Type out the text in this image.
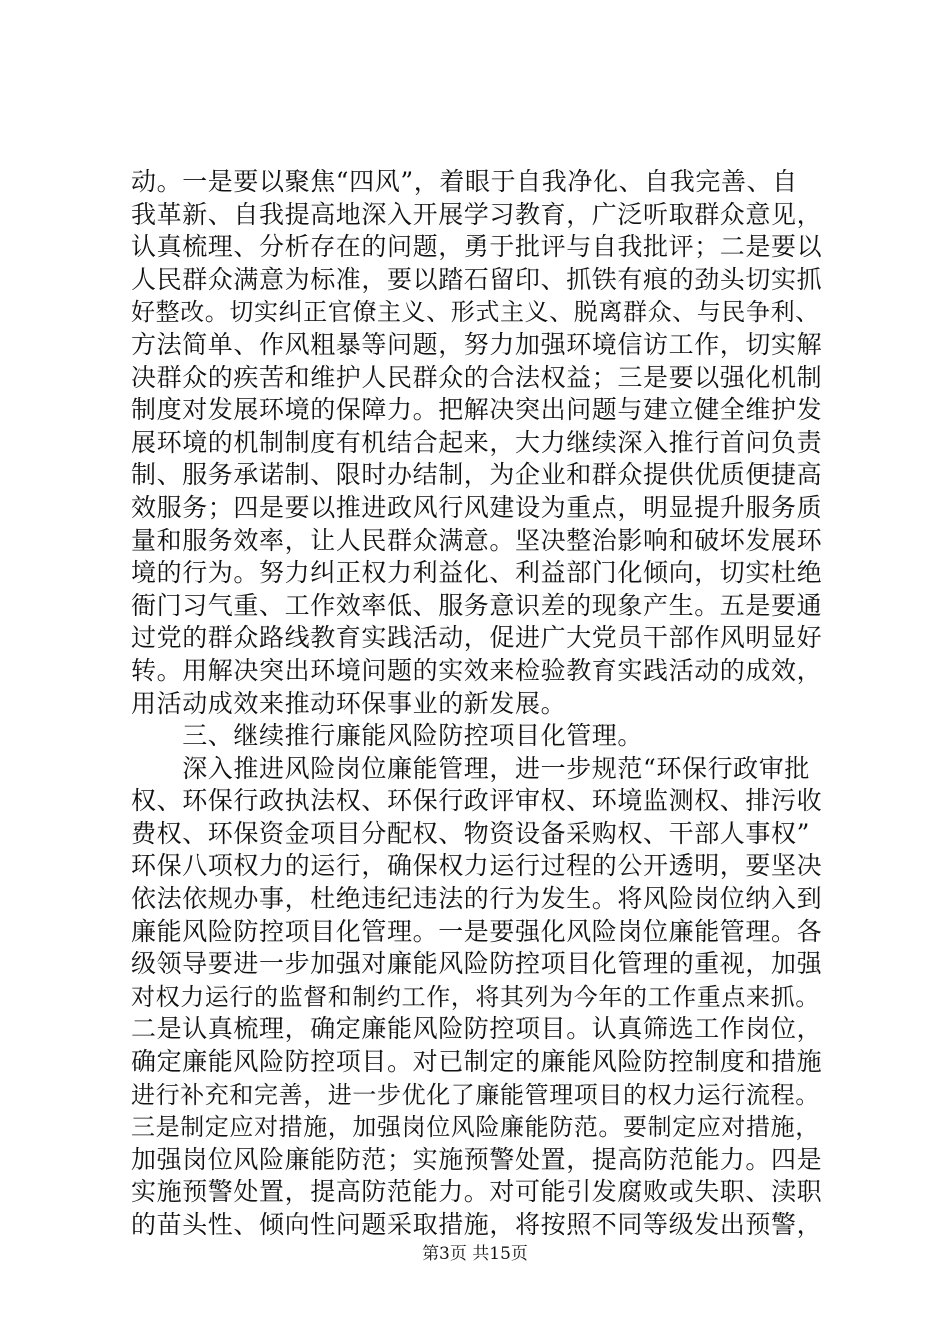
动。一是要以聚焦“四风”，着眼于自我净化、自我完善、自
我革新、自我提高地深入开展学习教育，广泛听取群众意见，
认真梳理、分析存在的问题，勇于批评与自我批评；二是要以
人民群众满意为标准，要以踏石留印、抓铁有痕的劲头切实抓
好整改。切实纠正官僚主义、形式主义、脱离群众、与民争利、
方法简单、作风粗暴等问题，努力加强环境信访工作，切实解
决群众的疾苦和维护人民群众的合法权益；三是要以强化机制
制度对发展环境的保障力。把解决突出问题与建立健全维护发
展环境的机制制度有机结合起来，大力继续深入推行首问负责
制、服务承诺制、限时办结制，为企业和群众提供优质便捷高
效服务；四是要以推进政风行风建设为重点，明显提升服务质
量和服务效率，让人民群众满意。坚决整治影响和破坏发展环
境的行为。努力纠正权力利益化、利益部门化倾向，切实杜绝
衙门习气重、工作效率低、服务意识差的现象产生。五是要通
过党的群众路线教育实践活动，促进广大党员干部作风明显好
转。用解决突出环境问题的实效来检验教育实践活动的成效，
用活动成效来推动环保事业的新发展。
　　三、继续推行廉能风险防控项目化管理。
　　深入推进风险岗位廉能管理，进一步规范“环保行政审批
权、环保行政执法权、环保行政评审权、环境监测权、排污收
费权、环保资金项目分配权、物资设备采购权、干部人事权”
环保八项权力的运行，确保权力运行过程的公开透明，要坚决
依法依规办事，杜绝违纪违法的行为发生。将风险岗位纳入到
廉能风险防控项目化管理。一是要强化风险岗位廉能管理。各
级领导要进一步加强对廉能风险防控项目化管理的重视，加强
对权力运行的监督和制约工作，将其列为今年的工作重点来抓。
二是认真梳理，确定廉能风险防控项目。认真筛选工作岗位，
确定廉能风险防控项目。对已制定的廉能风险防控制度和措施
进行补充和完善，进一步优化了廉能管理项目的权力运行流程。
三是制定应对措施，加强岗位风险廉能防范。要制定应对措施，
加强岗位风险廉能防范；实施预警处置，提高防范能力。四是
实施预警处置，提高防范能力。对可能引发腐败或失职、渎职
的苗头性、倾向性问题采取措施，将按照不同等级发出预警，
第3页 共15页
